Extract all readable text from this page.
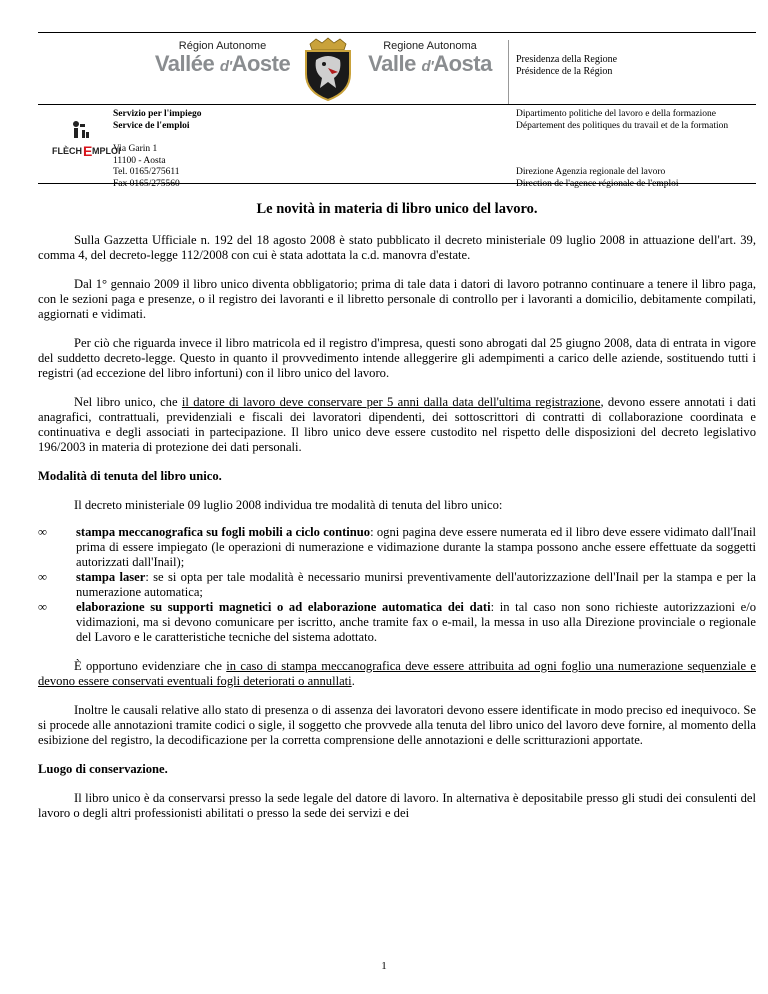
Région Autonome
Vallée d'Aoste
Regione Autonoma
Valle d'Aosta	Presidenza della Regione
Présidence de la Région
FLÈCH E MPLOI
Servizio per l'impiego
Service de l'emploi
Via Garin 1
11100 - Aosta
Tel. 0165/275611
Fax 0165/275560
Dipartimento politiche del lavoro e della formazione
Département des politiques du travail et de la formation
Direzione Agenzia regionale del lavoro
Direction de l'agence régionale de l'emploi
Le novità in materia di libro unico del lavoro.

Sulla Gazzetta Ufficiale n. 192 del 18 agosto 2008 è stato pubblicato il decreto ministeriale 09 luglio 2008 in attuazione dell'art. 39, comma 4, del decreto-legge 112/2008 con cui è stata adottata la c.d. manovra d'estate.

Dal 1° gennaio 2009 il libro unico diventa obbligatorio; prima di tale data i datori di lavoro potranno continuare a tenere il libro paga, con le sezioni paga e presenze, o il registro dei lavoranti e il libretto personale di controllo per i lavoranti a domicilio, debitamente compilati, aggiornati e vidimati.

Per ciò che riguarda invece il libro matricola ed il registro d'impresa, questi sono abrogati dal 25 giugno 2008, data di entrata in vigore del suddetto decreto-legge. Questo in quanto il provvedimento intende alleggerire gli adempimenti a carico delle aziende, sostituendo tutti i registri (ad eccezione del libro infortuni) con il libro unico del lavoro.

Nel libro unico, che il datore di lavoro deve conservare per 5 anni dalla data dell'ultima registrazione, devono essere annotati i dati anagrafici, contrattuali, previdenziali e fiscali dei lavoratori dipendenti, dei sottoscrittori di contratti di collaborazione coordinata e continuativa e degli associati in partecipazione. Il libro unico deve essere custodito nel rispetto delle disposizioni del decreto legislativo 196/2003 in materia di protezione dei dati personali.

Modalità di tenuta del libro unico.

Il decreto ministeriale 09 luglio 2008 individua tre modalità di tenuta del libro unico:

∞	stampa meccanografica su fogli mobili a ciclo continuo: ogni pagina deve essere numerata ed il libro deve essere vidimato dall'Inail prima di essere impiegato (le operazioni di numerazione e vidimazione durante la stampa possono anche essere effettuate da soggetti autorizzati dall'Inail);
∞	stampa laser: se si opta per tale modalità è necessario munirsi preventivamente dell'autorizzazione dell'Inail per la stampa e per la numerazione automatica;
∞	elaborazione su supporti magnetici o ad elaborazione automatica dei dati: in tal caso non sono richieste autorizzazioni e/o vidimazioni, ma si devono comunicare per iscritto, anche tramite fax o e-mail, la messa in uso alla Direzione provinciale o regionale del Lavoro e le caratteristiche tecniche del sistema adottato.

È opportuno evidenziare che in caso di stampa meccanografica deve essere attribuita ad ogni foglio una numerazione sequenziale e devono essere conservati eventuali fogli deteriorati o annullati.

Inoltre le causali relative allo stato di presenza o di assenza dei lavoratori devono essere identificate in modo preciso ed inequivoco. Se si procede alle annotazioni tramite codici o sigle, il soggetto che provvede alla tenuta del libro unico del lavoro deve fornire, al momento della esibizione del registro, la decodificazione per la corretta comprensione delle annotazioni e delle scritturazioni apportate.

Luogo di conservazione.

Il libro unico è da conservarsi presso la sede legale del datore di lavoro. In alternativa è depositabile presso gli studi dei consulenti del lavoro o degli altri professionisti abilitati o presso la sede dei servizi e dei

1
